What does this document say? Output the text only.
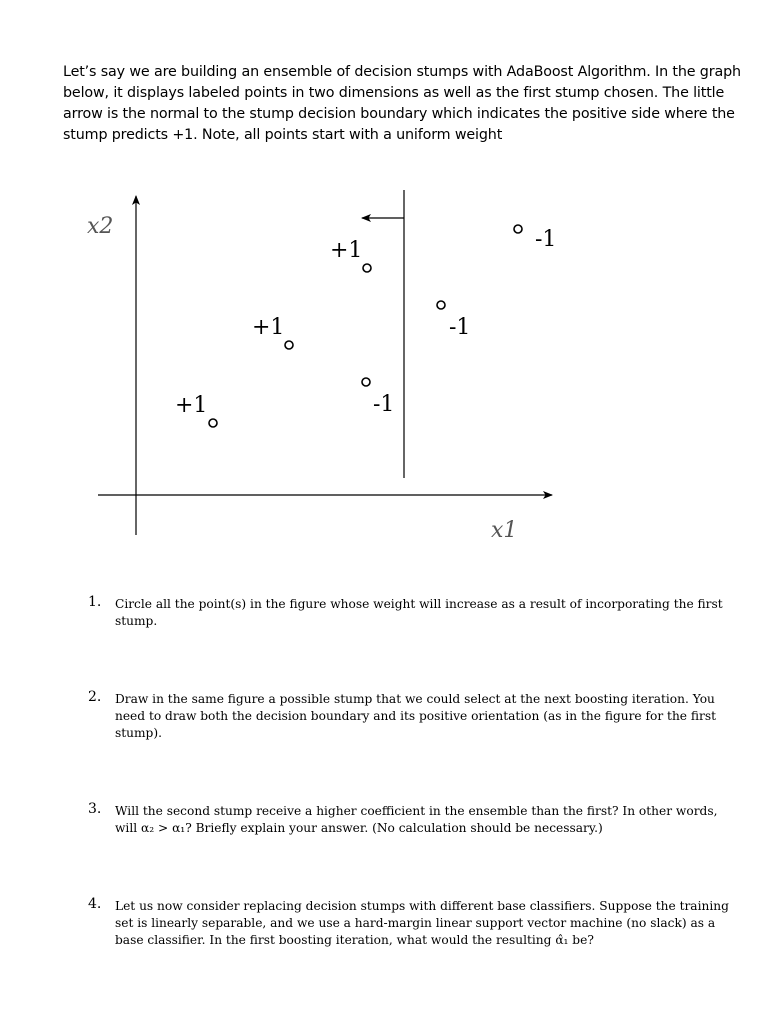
Let’s say we are building an ensemble of decision stumps with AdaBoost Algorithm. In the graph below, it displays labeled points in two dimensions as well as the first stump chosen. The little arrow is the normal to the stump decision boundary which indicates the positive side where the stump predicts +1. Note, all points start with a uniform weight
x2
x1
+1
+1
+1
-1
-1
-1
1. Circle all the point(s) in the figure whose weight will increase as a result of incorporating the first stump.
2. Draw in the same figure a possible stump that we could select at the next boosting iteration. You need to draw both the decision boundary and its positive orientation (as in the figure for the first stump).
3. Will the second stump receive a higher coefficient in the ensemble than the first? In other words, will α₂ > α₁? Briefly explain your answer. (No calculation should be necessary.)
4. Let us now consider replacing decision stumps with different base classifiers. Suppose the training set is linearly separable, and we use a hard-margin linear support vector machine (no slack) as a base classifier. In the first boosting iteration, what would the resulting α̂₁ be?
